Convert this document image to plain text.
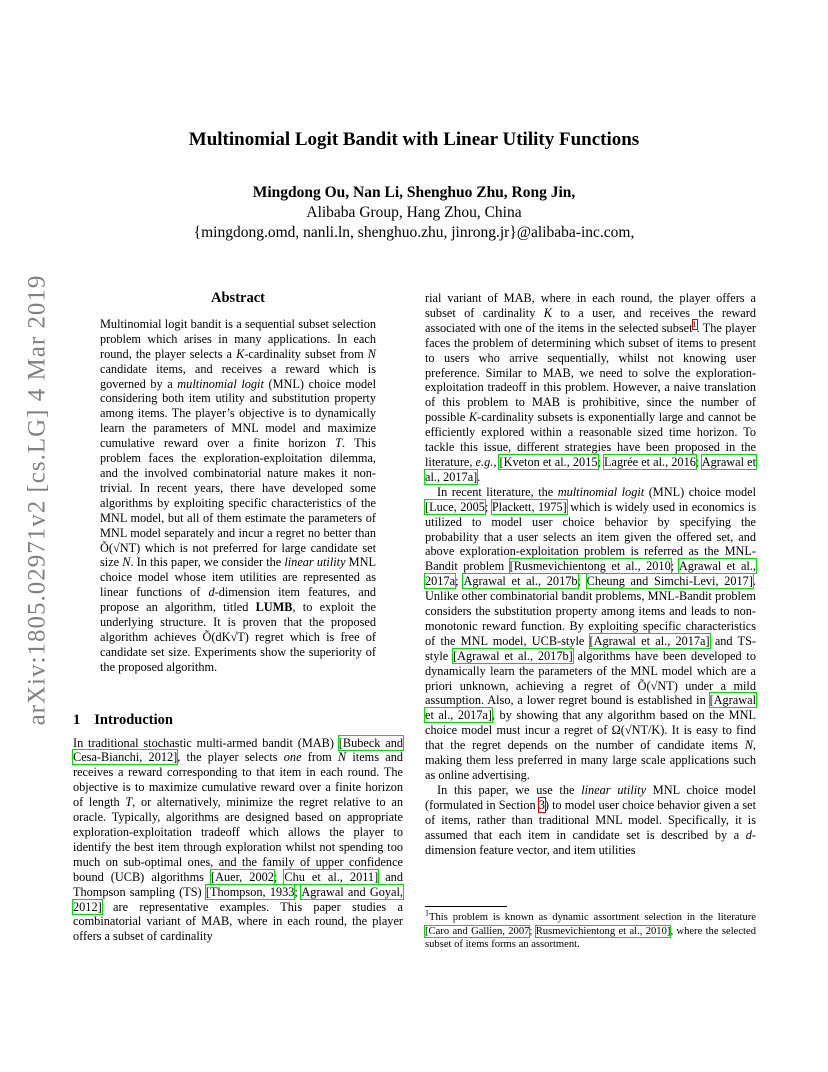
arXiv:1805.02971v2 [cs.LG] 4 Mar 2019
Multinomial Logit Bandit with Linear Utility Functions
Mingdong Ou, Nan Li, Shenghuo Zhu, Rong Jin,
Alibaba Group, Hang Zhou, China
{mingdong.omd, nanli.ln, shenghuo.zhu, jinrong.jr}@alibaba-inc.com,
Abstract
Multinomial logit bandit is a sequential subset selection problem which arises in many applications. In each round, the player selects a K-cardinality subset from N candidate items, and receives a reward which is governed by a multinomial logit (MNL) choice model considering both item utility and substitution property among items. The player’s objective is to dynamically learn the parameters of MNL model and maximize cumulative reward over a finite horizon T. This problem faces the exploration-exploitation dilemma, and the involved combinatorial nature makes it non-trivial. In recent years, there have developed some algorithms by exploiting specific characteristics of the MNL model, but all of them estimate the parameters of MNL model separately and incur a regret no better than Õ(√NT) which is not preferred for large candidate set size N. In this paper, we consider the linear utility MNL choice model whose item utilities are represented as linear functions of d-dimension item features, and propose an algorithm, titled LUMB, to exploit the underlying structure. It is proven that the proposed algorithm achieves Õ(dK√T) regret which is free of candidate set size. Experiments show the superiority of the proposed algorithm.
1 Introduction

In traditional stochastic multi-armed bandit (MAB) [Bubeck and Cesa-Bianchi, 2012], the player selects one from N items and receives a reward corresponding to that item in each round. The objective is to maximize cumulative reward over a finite horizon of length T, or alternatively, minimize the regret relative to an oracle. Typically, algorithms are designed based on appropriate exploration-exploitation tradeoff which allows the player to identify the best item through exploration whilst not spending too much on sub-optimal ones, and the family of upper confidence bound (UCB) algorithms [Auer, 2002; Chu et al., 2011] and Thompson sampling (TS) [Thompson, 1933; Agrawal and Goyal, 2012] are representative examples. This paper studies a combinatorial variant of MAB, where in each round, the player offers a subset of cardinality

rial variant of MAB, where in each round, the player offers a subset of cardinality K to a user, and receives the reward associated with one of the items in the selected subset$^1$. The player faces the problem of determining which subset of items to present to users who arrive sequentially, whilst not knowing user preference. Similar to MAB, we need to solve the exploration-exploitation tradeoff in this problem. However, a naive translation of this problem to MAB is prohibitive, since the number of possible K-cardinality subsets is exponentially large and cannot be efficiently explored within a reasonable sized time horizon. To tackle this issue, different strategies have been proposed in the literature, e.g., [Kveton et al., 2015; Lagrée et al., 2016; Agrawal et al., 2017a].

In recent literature, the multinomial logit (MNL) choice model [Luce, 2005; Plackett, 1975] which is widely used in economics is utilized to model user choice behavior by specifying the probability that a user selects an item given the offered set, and above exploration-exploitation problem is referred as the MNL-Bandit problem [Rusmevichientong et al., 2010; Agrawal et al., 2017a; Agrawal et al., 2017b; Cheung and Simchi-Levi, 2017]. Unlike other combinatorial bandit problems, MNL-Bandit problem considers the substitution property among items and leads to non-monotonic reward function. By exploiting specific characteristics of the MNL model, UCB-style [Agrawal et al., 2017a] and TS-style [Agrawal et al., 2017b] algorithms have been developed to dynamically learn the parameters of the MNL model which are a priori unknown, achieving a regret of Õ(√NT) under a mild assumption. Also, a lower regret bound is established in [Agrawal et al., 2017a], by showing that any algorithm based on the MNL choice model must incur a regret of Ω(√NT/K). It is easy to find that the regret depends on the number of candidate items N, making them less preferred in many large scale applications such as online advertising.

In this paper, we use the linear utility MNL choice model (formulated in Section 3) to model user choice behavior given a set of items, rather than traditional MNL model. Specifically, it is assumed that each item in candidate set is described by a d-dimension feature vector, and item utilities

$^1$This problem is known as dynamic assortment selection in the literature [Caro and Gallien, 2007; Rusmevichientong et al., 2010], where the selected subset of items forms an assortment.
